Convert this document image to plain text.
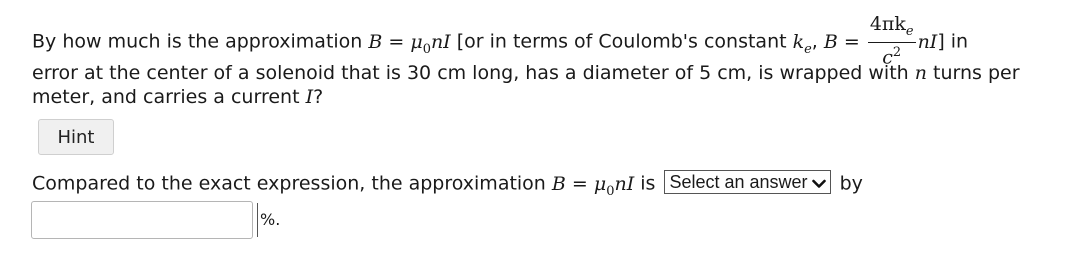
By how much is the approximation $B = \mu_0nI$ [or in terms of Coulomb's constant $k_e$, $B = \frac{4\pi k_e}{c^2} nI$] in
error at the center of a solenoid that is 30 cm long, has a diameter of 5 cm, is wrapped with n turns per
meter, and carries a current I?
Hint
Compared to the exact expression, the approximation $B = \mu_0nI$ is Select an answer by
%.
